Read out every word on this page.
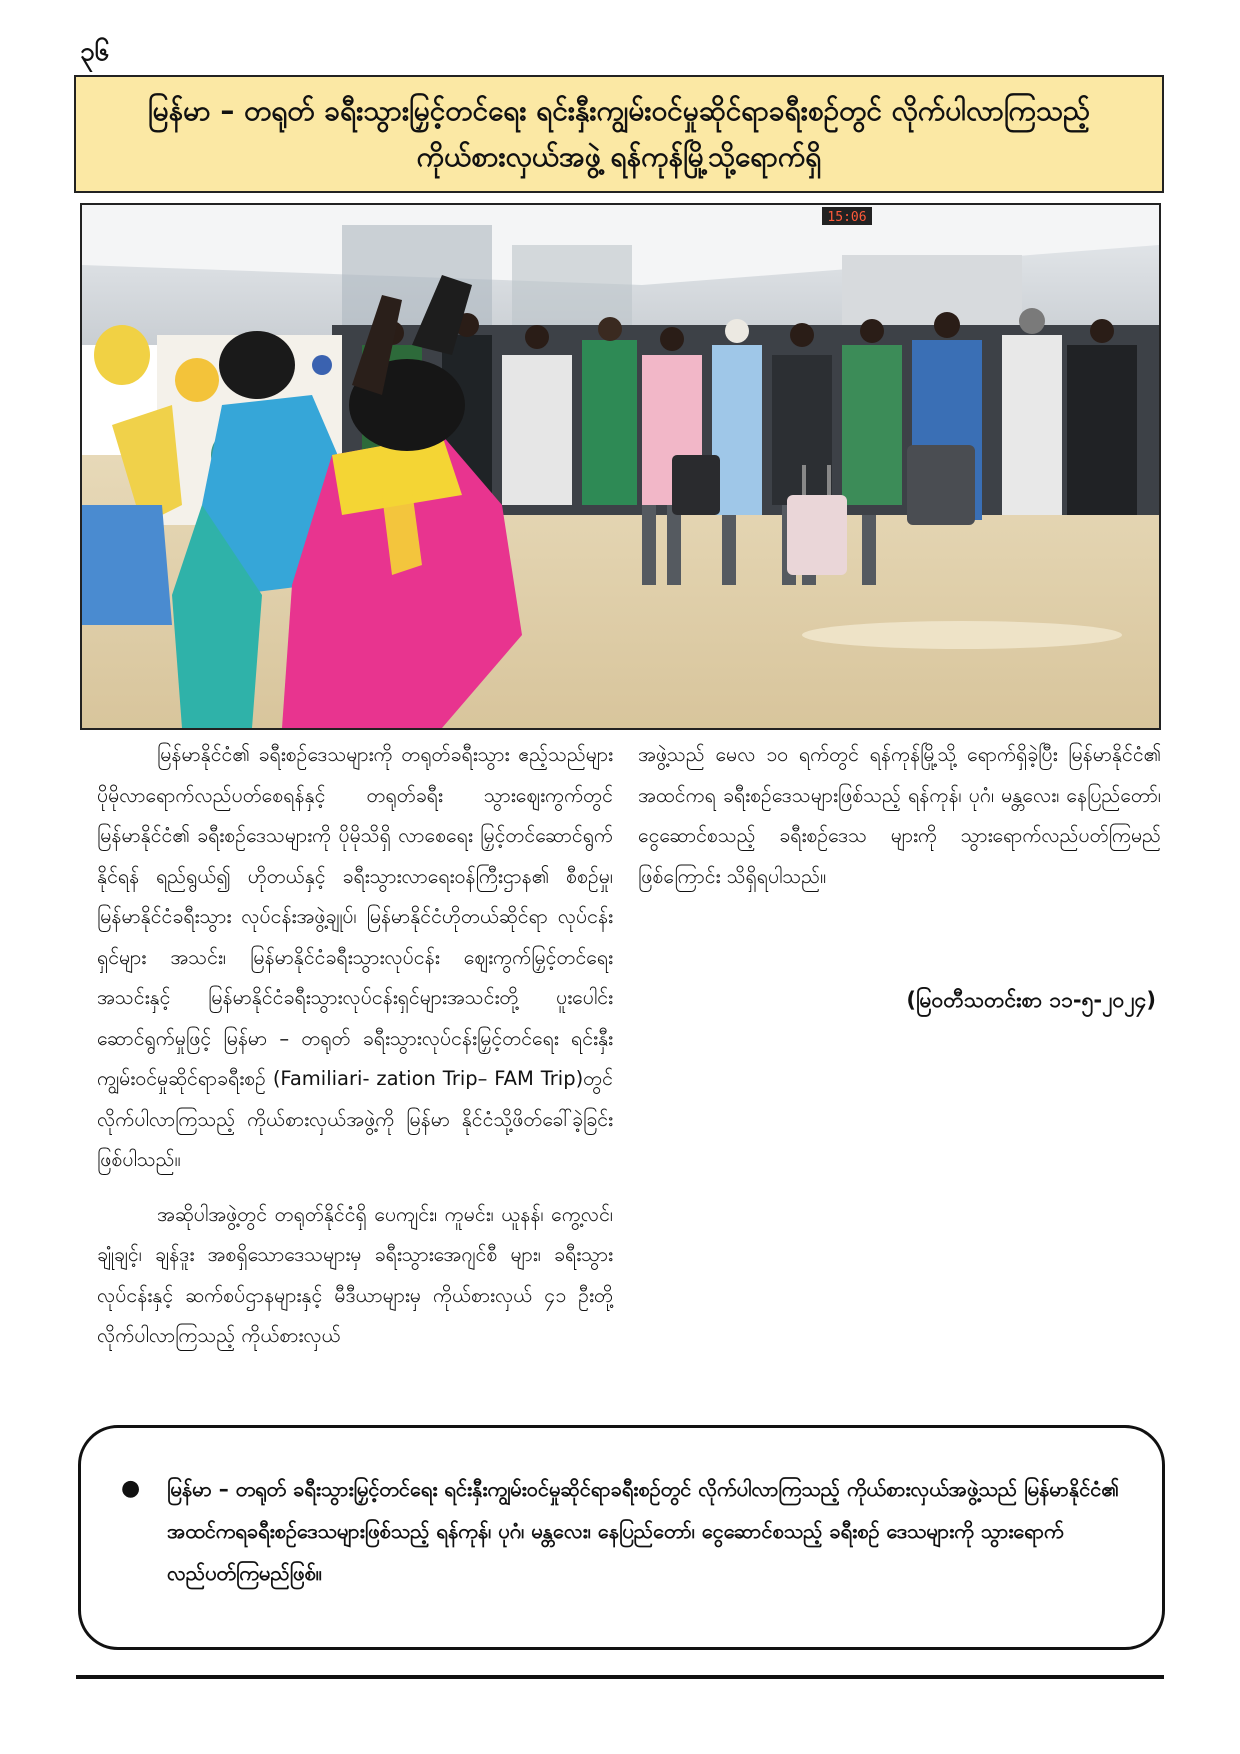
၃၆
မြန်မာ – တရုတ် ခရီးသွားမြှင့်တင်ရေး ရင်းနှီးကျွမ်းဝင်မှုဆိုင်ရာခရီးစဉ်တွင် လိုက်ပါလာကြသည့်
ကိုယ်စားလှယ်အဖွဲ့ ရန်ကုန်မြို့သို့ရောက်ရှိ
15:06

မြန်မာနိုင်ငံ၏ ခရီးစဉ်ဒေသများကို တရုတ်ခရီးသွား ဧည့်သည်များ ပိုမိုလာရောက်လည်ပတ်စေရန်နှင့် တရုတ်ခရီး သွားဈေးကွက်တွင် မြန်မာနိုင်ငံ၏ ခရီးစဉ်ဒေသများကို ပိုမိုသိရှိ လာစေရေး မြှင့်တင်ဆောင်ရွက်နိုင်ရန် ရည်ရွယ်၍ ဟိုတယ်နှင့် ခရီးသွားလာရေးဝန်ကြီးဌာန၏ စီစဉ်မှု၊ မြန်မာနိုင်ငံခရီးသွား လုပ်ငန်းအဖွဲ့ချုပ်၊ မြန်မာနိုင်ငံဟိုတယ်ဆိုင်ရာ လုပ်ငန်းရှင်များ အသင်း၊ မြန်မာနိုင်ငံခရီးသွားလုပ်ငန်း ဈေးကွက်မြှင့်တင်ရေး အသင်းနှင့် မြန်မာနိုင်ငံခရီးသွားလုပ်ငန်းရှင်များအသင်းတို့ ပူးပေါင်း ဆောင်ရွက်မှုဖြင့် မြန်မာ – တရုတ် ခရီးသွားလုပ်ငန်းမြှင့်တင်ရေး ရင်းနှီးကျွမ်းဝင်မှုဆိုင်ရာခရီးစဉ် (Familiari- zation Trip– FAM Trip)တွင် လိုက်ပါလာကြသည့် ကိုယ်စားလှယ်အဖွဲ့ကို မြန်မာ နိုင်ငံသို့ဖိတ်ခေါ်ခဲ့ခြင်းဖြစ်ပါသည်။

အဆိုပါအဖွဲ့တွင် တရုတ်နိုင်ငံရှိ ပေကျင်း၊ ကူမင်း၊ ယူနန်၊ ကွေ့လင်၊ ချုံချင့်၊ ချန်ဒူး အစရှိသောဒေသများမှ ခရီးသွားအေဂျင်စီ များ၊ ခရီးသွားလုပ်ငန်းနှင့် ဆက်စပ်ဌာနများနှင့် မီဒီယာများမှ ကိုယ်စားလှယ် ၄၁ ဦးတို့ လိုက်ပါလာကြသည့် ကိုယ်စားလှယ်

အဖွဲ့သည် မေလ ၁၀ ရက်တွင် ရန်ကုန်မြို့သို့ ရောက်ရှိခဲ့ပြီး မြန်မာနိုင်ငံ၏ အထင်ကရ ခရီးစဉ်ဒေသများဖြစ်သည့် ရန်ကုန်၊ ပုဂံ၊ မန္တလေး၊ နေပြည်တော်၊ ငွေဆောင်စသည့် ခရီးစဉ်ဒေသ များကို သွားရောက်လည်ပတ်ကြမည်ဖြစ်ကြောင်း သိရှိရပါသည်။

(မြဝတီသတင်းစာ ၁၁-၅-၂၀၂၄)
●	မြန်မာ – တရုတ် ခရီးသွားမြှင့်တင်ရေး ရင်းနှီးကျွမ်းဝင်မှုဆိုင်ရာခရီးစဉ်တွင် လိုက်ပါလာကြသည့် ကိုယ်စားလှယ်အဖွဲ့သည် မြန်မာနိုင်ငံ၏ အထင်ကရခရီးစဉ်ဒေသများဖြစ်သည့် ရန်ကုန်၊ ပုဂံ၊ မန္တလေး၊ နေပြည်တော်၊ ငွေဆောင်စသည့် ခရီးစဉ် ဒေသများကို သွားရောက်လည်ပတ်ကြမည်ဖြစ်။
